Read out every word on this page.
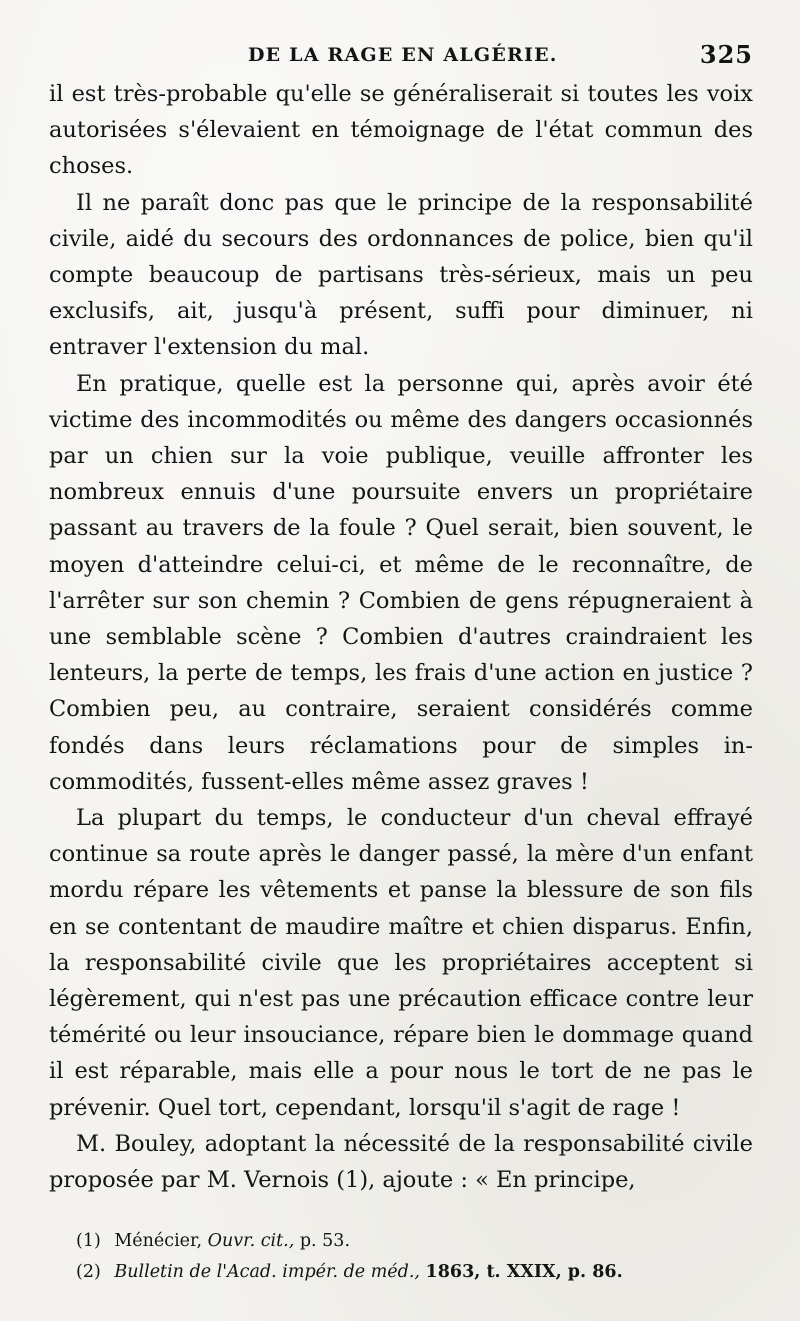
DE LA RAGE EN ALGÉRIE.	325

il est très-probable qu'elle se généraliserait si toutes les voix autorisées s'élevaient en témoignage de l'état commun des choses.

Il ne paraît donc pas que le principe de la responsabilité civile, aidé du secours des ordonnances de police, bien qu'il compte beaucoup de partisans très-sérieux, mais un peu exclusifs, ait, jusqu'à présent, suffi pour diminuer, ni entraver l'extension du mal.

En pratique, quelle est la personne qui, après avoir été victime des incommodités ou même des dangers occasionnés par un chien sur la voie publique, veuille affronter les nombreux ennuis d'une poursuite envers un propriétaire passant au travers de la foule ? Quel serait, bien souvent, le moyen d'atteindre celui-ci, et même de le reconnaître, de l'arrêter sur son chemin ? Combien de gens répugneraient à une semblable scène ? Combien d'autres craindraient les lenteurs, la perte de temps, les frais d'une action en justice ? Combien peu, au contraire, seraient considérés comme fondés dans leurs réclamations pour de simples incommodités, fussent-elles même assez graves !

La plupart du temps, le conducteur d'un cheval effrayé continue sa route après le danger passé, la mère d'un enfant mordu répare les vêtements et panse la blessure de son fils en se contentant de maudire maître et chien disparus. Enfin, la responsabilité civile que les propriétaires acceptent si légèrement, qui n'est pas une précaution efficace contre leur témérité ou leur insouciance, répare bien le dommage quand il est réparable, mais elle a pour nous le tort de ne pas le prévenir. Quel tort, cependant, lorsqu'il s'agit de rage !

M. Bouley, adoptant la nécessité de la responsabilité civile proposée par M. Vernois (1), ajoute : « En principe,

(1) Ménécier, Ouvr. cit., p. 53.

(2) Bulletin de l'Acad. impér. de méd., 1863, t. XXIX, p. 86.
